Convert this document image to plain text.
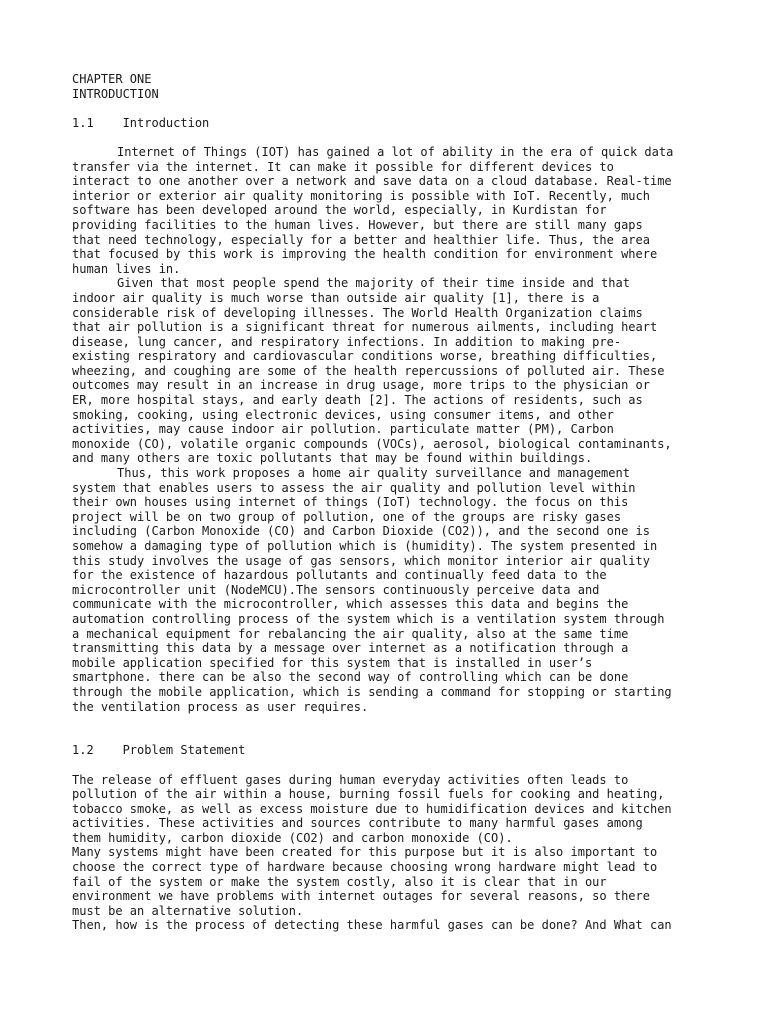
CHAPTER ONE
INTRODUCTION
1.1    Introduction

Internet of Things (IOT) has gained a lot of ability in the era of quick data
transfer via the internet. It can make it possible for different devices to
interact to one another over a network and save data on a cloud database. Real-time
interior or exterior air quality monitoring is possible with IoT. Recently, much
software has been developed around the world, especially, in Kurdistan for
providing facilities to the human lives. However, but there are still many gaps
that need technology, especially for a better and healthier life. Thus, the area
that focused by this work is improving the health condition for environment where
human lives in.

Given that most people spend the majority of their time inside and that
indoor air quality is much worse than outside air quality [1], there is a
considerable risk of developing illnesses. The World Health Organization claims
that air pollution is a significant threat for numerous ailments, including heart
disease, lung cancer, and respiratory infections. In addition to making pre-
existing respiratory and cardiovascular conditions worse, breathing difficulties,
wheezing, and coughing are some of the health repercussions of polluted air. These
outcomes may result in an increase in drug usage, more trips to the physician or
ER, more hospital stays, and early death [2]. The actions of residents, such as
smoking, cooking, using electronic devices, using consumer items, and other
activities, may cause indoor air pollution. particulate matter (PM), Carbon
monoxide (CO), volatile organic compounds (VOCs), aerosol, biological contaminants,
and many others are toxic pollutants that may be found within buildings.

Thus, this work proposes a home air quality surveillance and management
system that enables users to assess the air quality and pollution level within
their own houses using internet of things (IoT) technology. the focus on this
project will be on two group of pollution, one of the groups are risky gases
including (Carbon Monoxide (CO) and Carbon Dioxide (CO2)), and the second one is
somehow a damaging type of pollution which is (humidity). The system presented in
this study involves the usage of gas sensors, which monitor interior air quality
for the existence of hazardous pollutants and continually feed data to the
microcontroller unit (NodeMCU).The sensors continuously perceive data and
communicate with the microcontroller, which assesses this data and begins the
automation controlling process of the system which is a ventilation system through
a mechanical equipment for rebalancing the air quality, also at the same time
transmitting this data by a message over internet as a notification through a
mobile application specified for this system that is installed in user’s
smartphone. there can be also the second way of controlling which can be done
through the mobile application, which is sending a command for stopping or starting
the ventilation process as user requires.

1.2    Problem Statement

The release of effluent gases during human everyday activities often leads to
pollution of the air within a house, burning fossil fuels for cooking and heating,
tobacco smoke, as well as excess moisture due to humidification devices and kitchen
activities. These activities and sources contribute to many harmful gases among
them humidity, carbon dioxide (CO2) and carbon monoxide (CO).

Many systems might have been created for this purpose but it is also important to
choose the correct type of hardware because choosing wrong hardware might lead to
fail of the system or make the system costly, also it is clear that in our
environment we have problems with internet outages for several reasons, so there
must be an alternative solution.

Then, how is the process of detecting these harmful gases can be done? And What can
